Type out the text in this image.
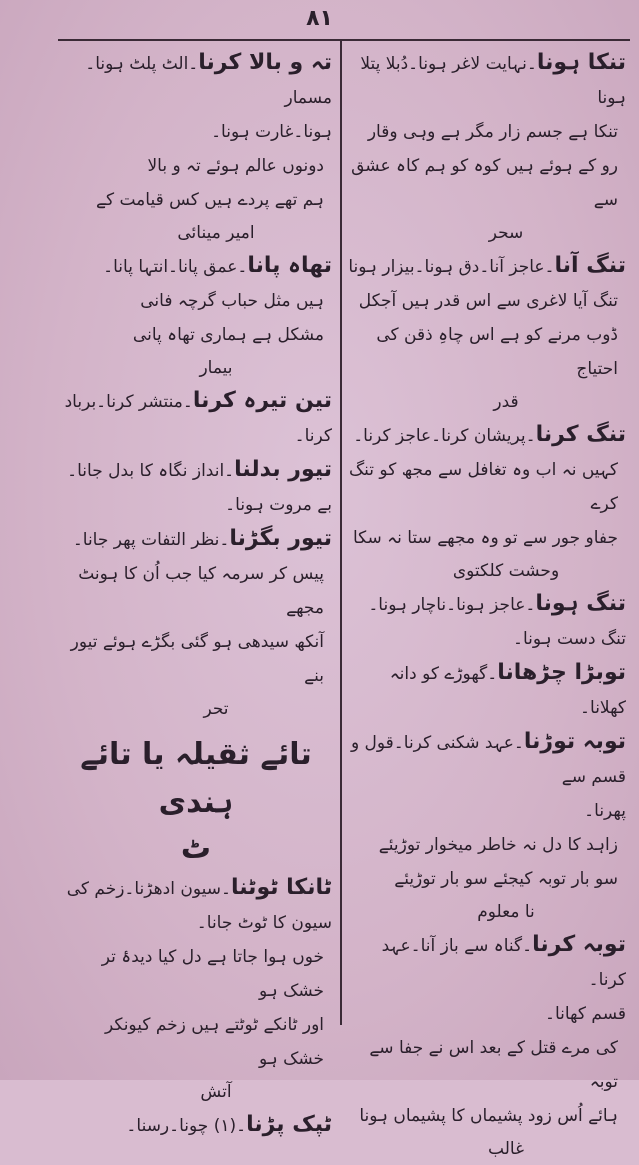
۸۱
تنکا ہونا۔نہایت لاغر ہونا۔دُبلا پتلا ہونا
تنکا ہے جسم زار مگر ہے وہی وقار
رو کے ہوئے ہیں کوہ کو ہم کاہ عشق سے
سحر
تنگ آنا۔عاجز آنا۔دق ہونا۔بیزار ہونا
تنگ آیا لاغری سے اس قدر ہیں آجکل
ڈوب مرنے کو ہے اس چاہِ ذقن کی احتیاج
قدر
تنگ کرنا۔پریشان کرنا۔عاجز کرنا۔
کہیں نہ اب وہ تغافل سے مجھ کو تنگ کرے
جفاو جور سے تو وہ مجھے ستا نہ سکا
وحشت کلکتوی
تنگ ہونا۔عاجز ہونا۔ناچار ہونا۔
تنگ دست ہونا۔
توبڑا چڑھانا۔گھوڑے کو دانہ کھلانا۔
توبہ توڑنا۔عہد شکنی کرنا۔قول و قسم سے
پھرنا۔
زاہد کا دل نہ خاطر میخوار توڑیئے
سو بار توبہ کیجئے سو بار توڑیئے
نا معلوم
توبہ کرنا۔گناہ سے باز آنا۔عہد کرنا۔
قسم کھانا۔
کی مرے قتل کے بعد اس نے جفا سے توبہ
ہائے اُس زود پشیماں کا پشیماں ہونا
غالب
تہ و بالا کرنا۔الٹ پلٹ ہونا۔مسمار
ہونا۔غارت ہونا۔
دونوں عالم ہوئے تہ و بالا
ہم تھے پردے ہیں کس قیامت کے
امیر مینائی
تھاہ پانا۔عمق پانا۔انتہا پانا۔
ہیں مثل حباب گرچہ فانی
مشکل ہے ہماری تھاہ پانی
بیمار
تین تیرہ کرنا۔منتشر کرنا۔برباد کرنا۔
تیور بدلنا۔انداز نگاہ کا بدل جانا۔
بے مروت ہونا۔
تیور بگڑنا۔نظر التفات پھر جانا۔
پیس کر سرمہ کیا جب اُن کا ہونٹ مجھے
آنکھ سیدھی ہو گئی بگڑے ہوئے تیور بنے
تحر
تائے ثقیلہ یا تائے ہندی
ٹ
ٹانکا ٹوٹنا۔سیون ادھڑنا۔زخم کی
سیون کا ٹوٹ جانا۔
خوں ہوا جاتا ہے دل کیا دیدۂ تر خشک ہو
اور ٹانکے ٹوٹتے ہیں زخم کیونکر خشک ہو
آتش
ٹپک پڑنا۔(۱) چونا۔رسنا۔
